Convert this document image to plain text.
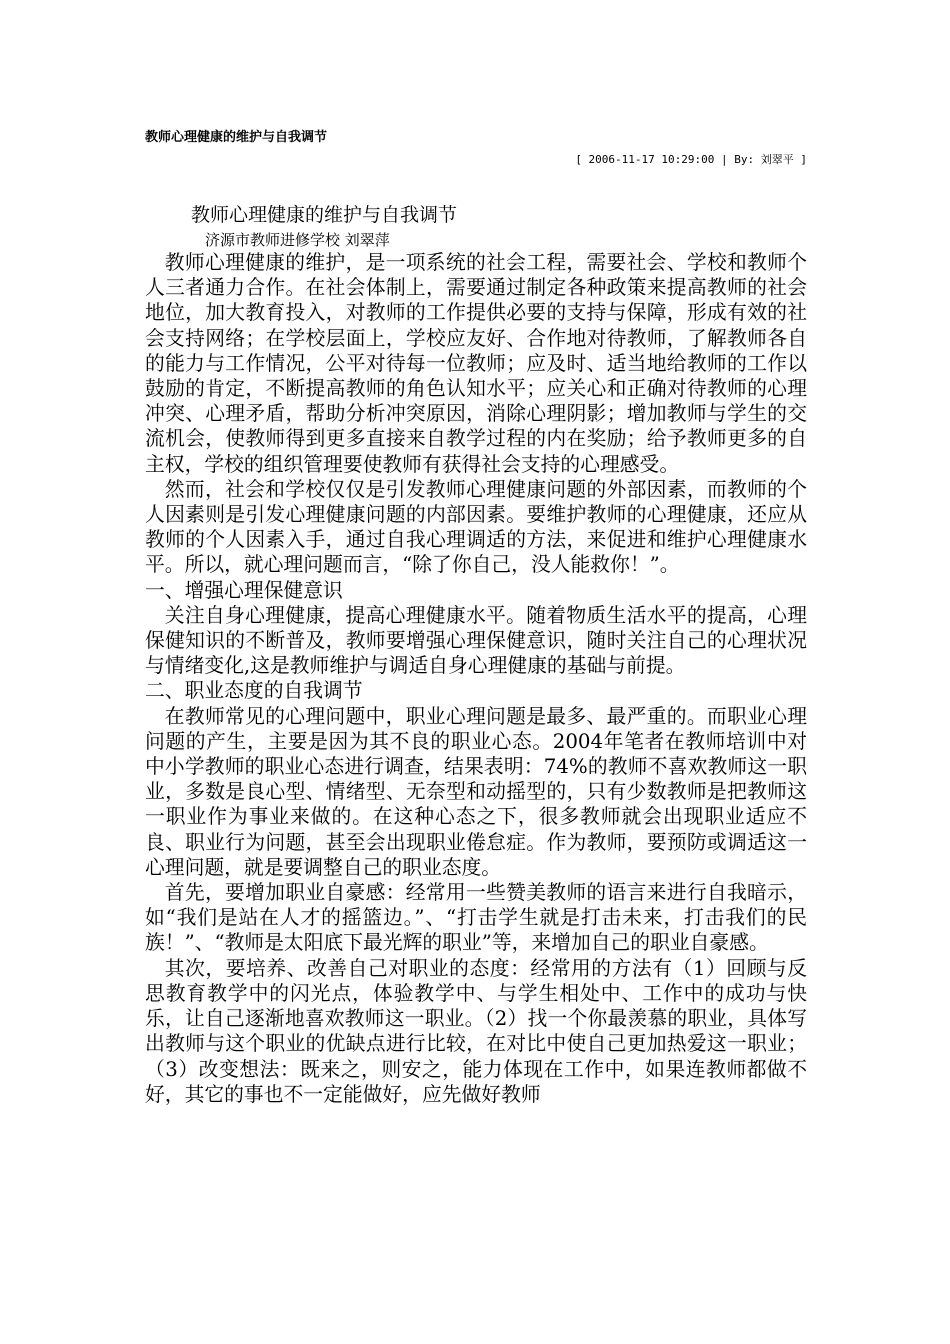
教师心理健康的维护与自我调节
[ 2006-11-17 10:29:00 | By: 刘翠平 ]
教师心理健康的维护与自我调节
济源市教师进修学校 刘翠萍

教师心理健康的维护，是一项系统的社会工程，需要社会、学校和教师个人三者通力合作。在社会体制上，需要通过制定各种政策来提高教师的社会地位，加大教育投入，对教师的工作提供必要的支持与保障，形成有效的社会支持网络；在学校层面上，学校应友好、合作地对待教师，了解教师各自的能力与工作情况，公平对待每一位教师；应及时、适当地给教师的工作以鼓励的肯定，不断提高教师的角色认知水平；应关心和正确对待教师的心理冲突、心理矛盾，帮助分析冲突原因，消除心理阴影；增加教师与学生的交流机会，使教师得到更多直接来自教学过程的内在奖励；给予教师更多的自主权，学校的组织管理要使教师有获得社会支持的心理感受。

然而，社会和学校仅仅是引发教师心理健康问题的外部因素，而教师的个人因素则是引发心理健康问题的内部因素。要维护教师的心理健康，还应从教师的个人因素入手，通过自我心理调适的方法，来促进和维护心理健康水平。所以，就心理问题而言，“除了你自己，没人能救你！”。

一、增强心理保健意识

关注自身心理健康，提高心理健康水平。随着物质生活水平的提高，心理保健知识的不断普及，教师要增强心理保健意识，随时关注自己的心理状况与情绪变化,这是教师维护与调适自身心理健康的基础与前提。

二、职业态度的自我调节

在教师常见的心理问题中，职业心理问题是最多、最严重的。而职业心理问题的产生，主要是因为其不良的职业心态。2004年笔者在教师培训中对中小学教师的职业心态进行调查，结果表明：74%的教师不喜欢教师这一职业，多数是良心型、情绪型、无奈型和动摇型的，只有少数教师是把教师这一职业作为事业来做的。在这种心态之下，很多教师就会出现职业适应不良、职业行为问题，甚至会出现职业倦怠症。作为教师，要预防或调适这一心理问题，就是要调整自己的职业态度。

首先，要增加职业自豪感：经常用一些赞美教师的语言来进行自我暗示，如“我们是站在人才的摇篮边。”、“打击学生就是打击未来，打击我们的民族！”、“教师是太阳底下最光辉的职业”等，来增加自己的职业自豪感。

其次，要培养、改善自己对职业的态度：经常用的方法有（1）回顾与反思教育教学中的闪光点，体验教学中、与学生相处中、工作中的成功与快乐，让自己逐渐地喜欢教师这一职业。（2）找一个你最羡慕的职业，具体写出教师与这个职业的优缺点进行比较，在对比中使自己更加热爱这一职业；（3）改变想法：既来之，则安之，能力体现在工作中，如果连教师都做不好，其它的事也不一定能做好，应先做好教师
